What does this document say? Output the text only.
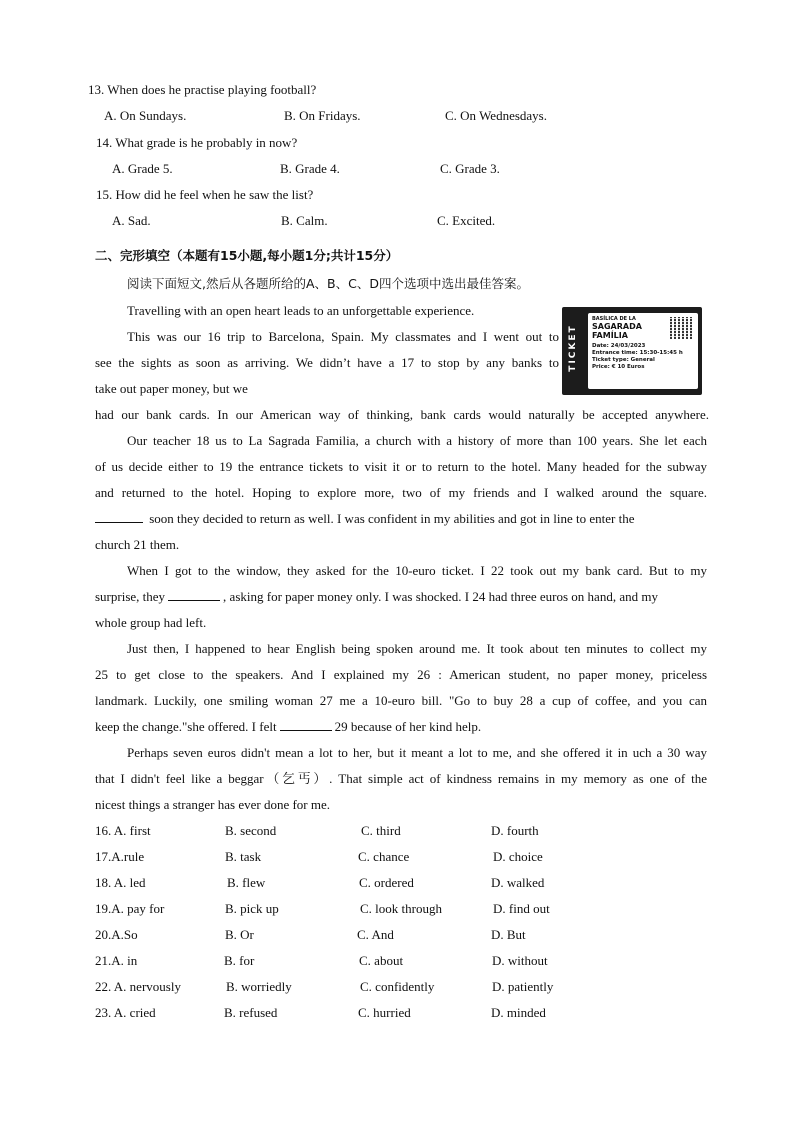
13. When does he practise playing football?
A. On Sundays.	B. On Fridays.	C. On Wednesdays.
14. What grade is he probably in now?
A. Grade 5.	B. Grade 4.	C. Grade 3.
15. How did he feel when he saw the list?
A. Sad.	B. Calm.	C. Excited.
二、完形填空（本题有15小题,每小题1分;共计15分）
阅读下面短文,然后从各题所给的A、B、C、D四个选项中选出最佳答案。
Travelling with an open heart leads to an unforgettable experience.
This was our 16 trip to Barcelona, Spain. My classmates and I went out to
see the sights as soon as arriving. We didn’t have a 17 to stop by any banks to
take out paper money, but we
TICKET
BASÍLICA DE LA
SAGARADA
FAMÍLIA
Date: 24/03/2023
Entrance time: 15:30-15:45 h
Ticket type: General
Price: € 10 Euros
had our bank cards. In our American way of thinking, bank cards would naturally be accepted anywhere.
Our teacher 18 us to La Sagrada Familia, a church with a history of more than 100 years. She let each
of us decide either to 19 the entrance tickets to visit it or to return to the hotel. Many headed for the subway
and returned to the hotel. Hoping to explore more, two of my friends and I walked around the square.
soon they decided to return as well. I was confident in my abilities and got in line to enter the
church 21 them.
When I got to the window, they asked for the 10-euro ticket. I 22 took out my bank card. But to my
surprise, they	, asking for paper money only. I was shocked. I 24 had three euros on hand, and my
whole group had left.
Just then, I happened to hear English being spoken around me. It took about ten minutes to collect my
25 to get close to the speakers. And I explained my 26 : American student, no paper money, priceless
landmark. Luckily, one smiling woman 27 me a 10-euro bill. "Go to buy 28 a cup of coffee, and you can
keep the change."she offered. I felt	29 because of her kind help.
Perhaps seven euros didn't mean a lot to her, but it meant a lot to me, and she offered it in uch a 30 way
that I didn't feel like a beggar（乞丐）. That simple act of kindness remains in my memory as one of the
nicest things a stranger has ever done for me.
16. A. first	B. second	C. third	D. fourth
17.A.rule	B. task	C. chance	D. choice
18. A. led	B. flew	C. ordered	D. walked
19.A. pay for	B. pick up	C. look through	D. find out
20.A.So	B. Or	C. And	D. But
21.A. in	B. for	C. about	D. without
22. A. nervously	B. worriedly	C. confidently	D. patiently
23. A. cried	B. refused	C. hurried	D. minded
